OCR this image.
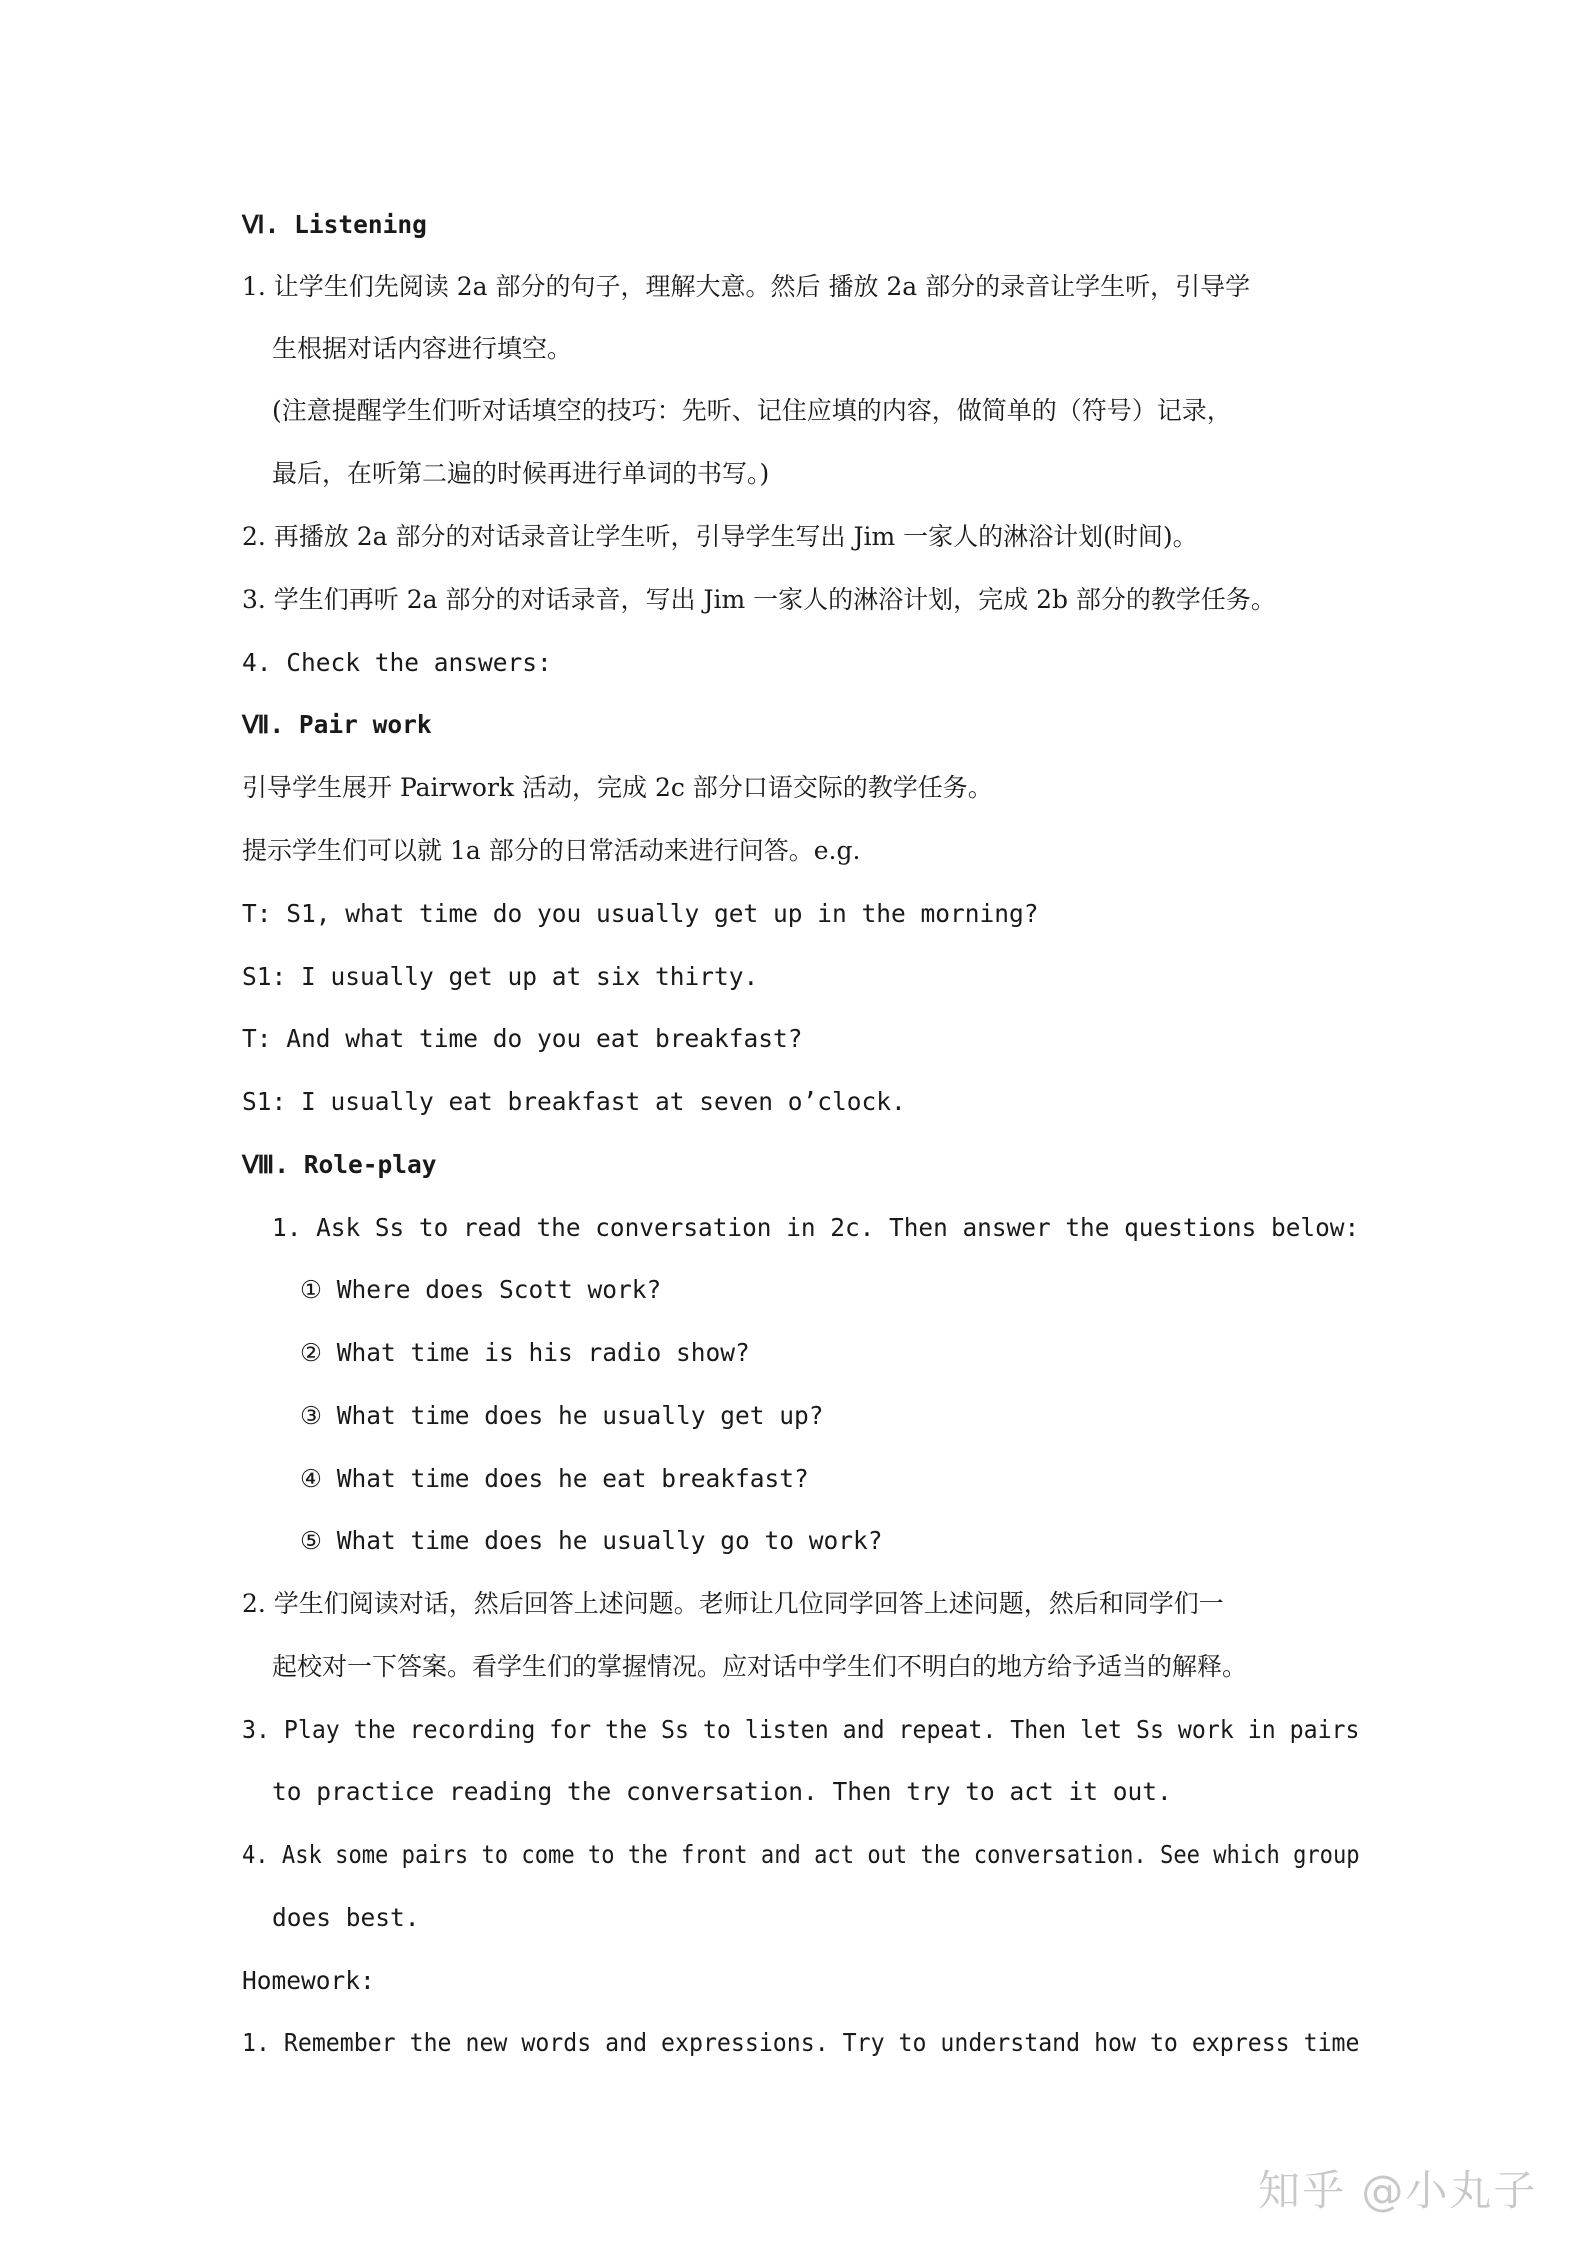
Ⅵ. Listening
1. 让学生们先阅读 2a 部分的句子，理解大意。然后 播放 2a 部分的录音让学生听，引导学
生根据对话内容进行填空。
(注意提醒学生们听对话填空的技巧：先听、记住应填的内容，做简单的（符号）记录，
最后，在听第二遍的时候再进行单词的书写。)
2. 再播放 2a 部分的对话录音让学生听，引导学生写出 Jim 一家人的淋浴计划(时间)。
3. 学生们再听 2a 部分的对话录音，写出 Jim 一家人的淋浴计划，完成 2b 部分的教学任务。
4. Check the answers:
Ⅶ. Pair work
引导学生展开 Pairwork 活动，完成 2c 部分口语交际的教学任务。
提示学生们可以就 1a 部分的日常活动来进行问答。e.g.
T: S1, what time do you usually get up in the morning?
S1: I usually get up at six thirty.
T: And what time do you eat breakfast?
S1: I usually eat breakfast at seven o’clock.
Ⅷ. Role-play
1. Ask Ss to read the conversation in 2c. Then answer the questions below:
① Where does Scott work?
② What time is his radio show?
③ What time does he usually get up?
④ What time does he eat breakfast?
⑤ What time does he usually go to work?
2. 学生们阅读对话，然后回答上述问题。老师让几位同学回答上述问题，然后和同学们一
起校对一下答案。看学生们的掌握情况。应对话中学生们不明白的地方给予适当的解释。
3. Play the recording for the Ss to listen and repeat. Then let Ss work in pairs
to practice reading the conversation. Then try to act it out.
4. Ask some pairs to come to the front and act out the conversation. See which group
does best.
Homework:
1. Remember the new words and expressions. Try to understand how to express time
知乎 @小丸子
